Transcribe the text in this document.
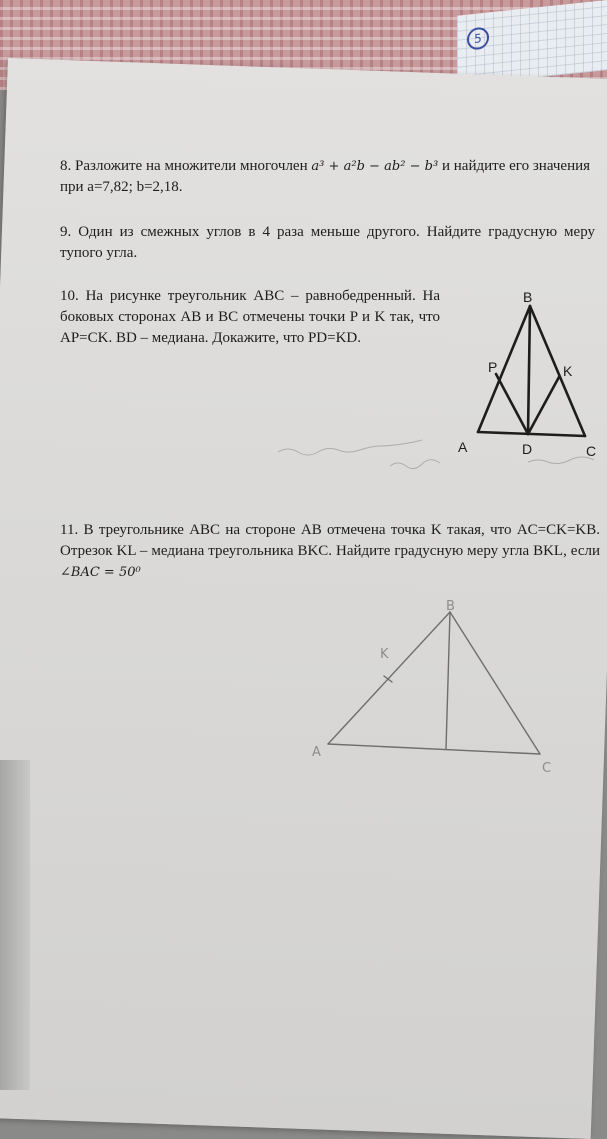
5
8. Разложите на множители многочлен a³ + a²b − ab² − b³ и найдите его значения при a=7,82; b=2,18.
9. Один из смежных углов в 4 раза меньше другого. Найдите градусную меру тупого угла.
10. На рисунке треугольник ABC – равнобедренный. На боковых сторонах AB и BC отмечены точки P и K так, что AP=CK. BD – медиана. Докажите, что PD=KD.
B
P	K
A	D	C
11. В треугольнике ABC на стороне AB отмечена точка K такая, что AC=CK=KB. Отрезок KL – медиана треугольника BKC. Найдите градусную меру угла BKL, если ∠BAC = 50⁰
B
K
A
C
